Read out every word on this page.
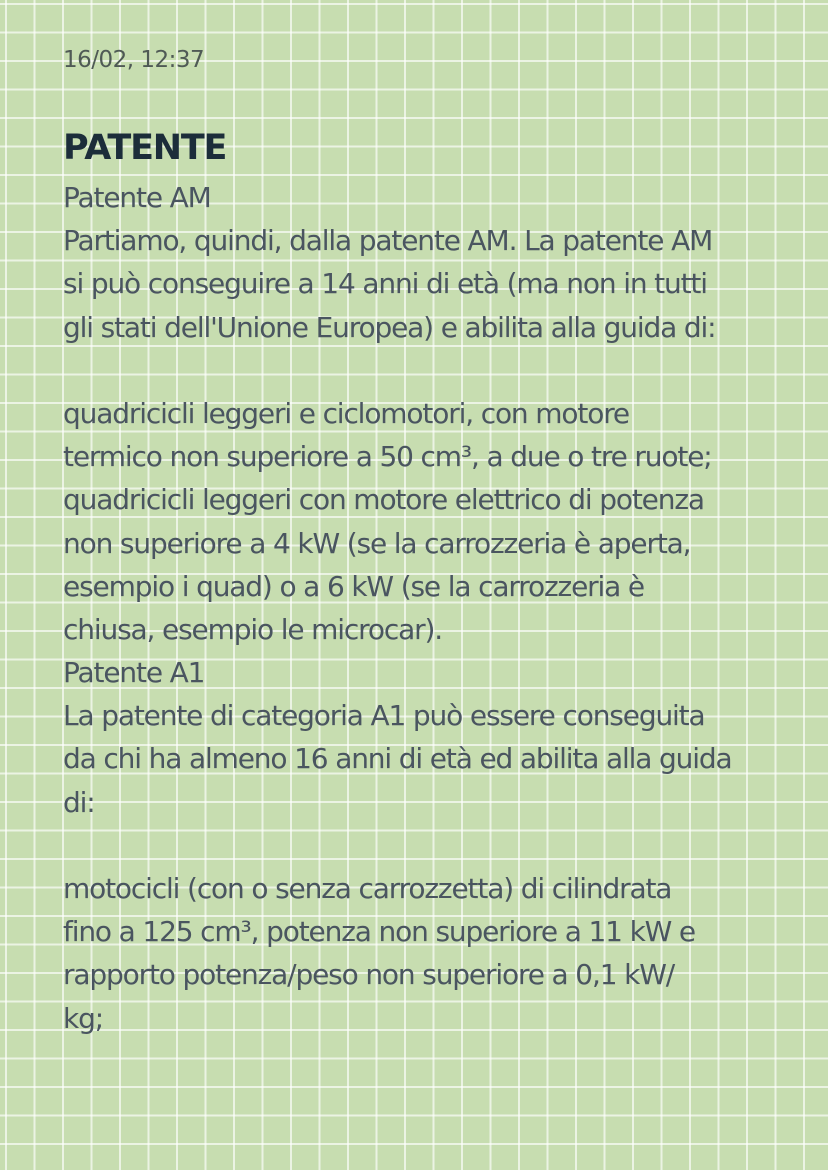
16/02, 12:37
PATENTE
Patente AM
Partiamo, quindi, dalla patente AM. La patente AM
si può conseguire a 14 anni di età (ma non in tutti
gli stati dell'Unione Europea) e abilita alla guida di:
quadricicli leggeri e ciclomotori, con motore
termico non superiore a 50 cm³, a due o tre ruote;
quadricicli leggeri con motore elettrico di potenza
non superiore a 4 kW (se la carrozzeria è aperta,
esempio i quad) o a 6 kW (se la carrozzeria è
chiusa, esempio le microcar).
Patente A1
La patente di categoria A1 può essere conseguita
da chi ha almeno 16 anni di età ed abilita alla guida
di:
motocicli (con o senza carrozzetta) di cilindrata
fino a 125 cm³, potenza non superiore a 11 kW e
rapporto potenza/peso non superiore a 0,1 kW/
kg;
